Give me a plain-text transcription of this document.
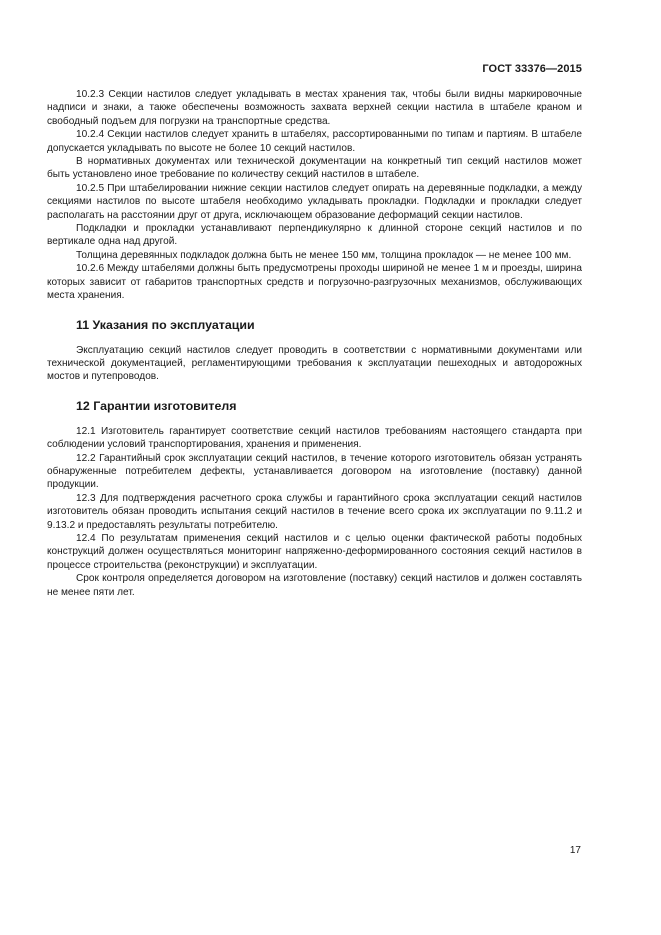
ГОСТ 33376—2015

10.2.3 Секции настилов следует укладывать в местах хранения так, чтобы были видны маркировочные надписи и знаки, а также обеспечены возможность захвата верхней секции настила в штабеле краном и свободный подъем для погрузки на транспортные средства.

10.2.4 Секции настилов следует хранить в штабелях, рассортированными по типам и партиям. В штабеле допускается укладывать по высоте не более 10 секций настилов.

В нормативных документах или технической документации на конкретный тип секций настилов может быть установлено иное требование по количеству секций настилов в штабеле.

10.2.5 При штабелировании нижние секции настилов следует опирать на деревянные подкладки, а между секциями настилов по высоте штабеля необходимо укладывать прокладки. Подкладки и прокладки следует располагать на расстоянии друг от друга, исключающем образование деформаций секции настилов.

Подкладки и прокладки устанавливают перпендикулярно к длинной стороне секций настилов и по вертикале одна над другой.

Толщина деревянных подкладок должна быть не менее 150 мм, толщина прокладок — не менее 100 мм.

10.2.6 Между штабелями должны быть предусмотрены проходы шириной не менее 1 м и проезды, ширина которых зависит от габаритов транспортных средств и погрузочно-разгрузочных механизмов, обслуживающих места хранения.

11 Указания по эксплуатации

Эксплуатацию секций настилов следует проводить в соответствии с нормативными документами или технической документацией, регламентирующими требования к эксплуатации пешеходных и автодорожных мостов и путепроводов.

12 Гарантии изготовителя

12.1 Изготовитель гарантирует соответствие секций настилов требованиям настоящего стандарта при соблюдении условий транспортирования, хранения и применения.

12.2 Гарантийный срок эксплуатации секций настилов, в течение которого изготовитель обязан устранять обнаруженные потребителем дефекты, устанавливается договором на изготовление (поставку) данной продукции.

12.3 Для подтверждения расчетного срока службы и гарантийного срока эксплуатации секций настилов изготовитель обязан проводить испытания секций настилов в течение всего срока их эксплуатации по 9.11.2 и 9.13.2 и предоставлять результаты потребителю.

12.4 По результатам применения секций настилов и с целью оценки фактической работы подобных конструкций должен осуществляться мониторинг напряженно-деформированного состояния секций настилов в процессе строительства (реконструкции) и эксплуатации.

Срок контроля определяется договором на изготовление (поставку) секций настилов и должен составлять не менее пяти лет.

17
